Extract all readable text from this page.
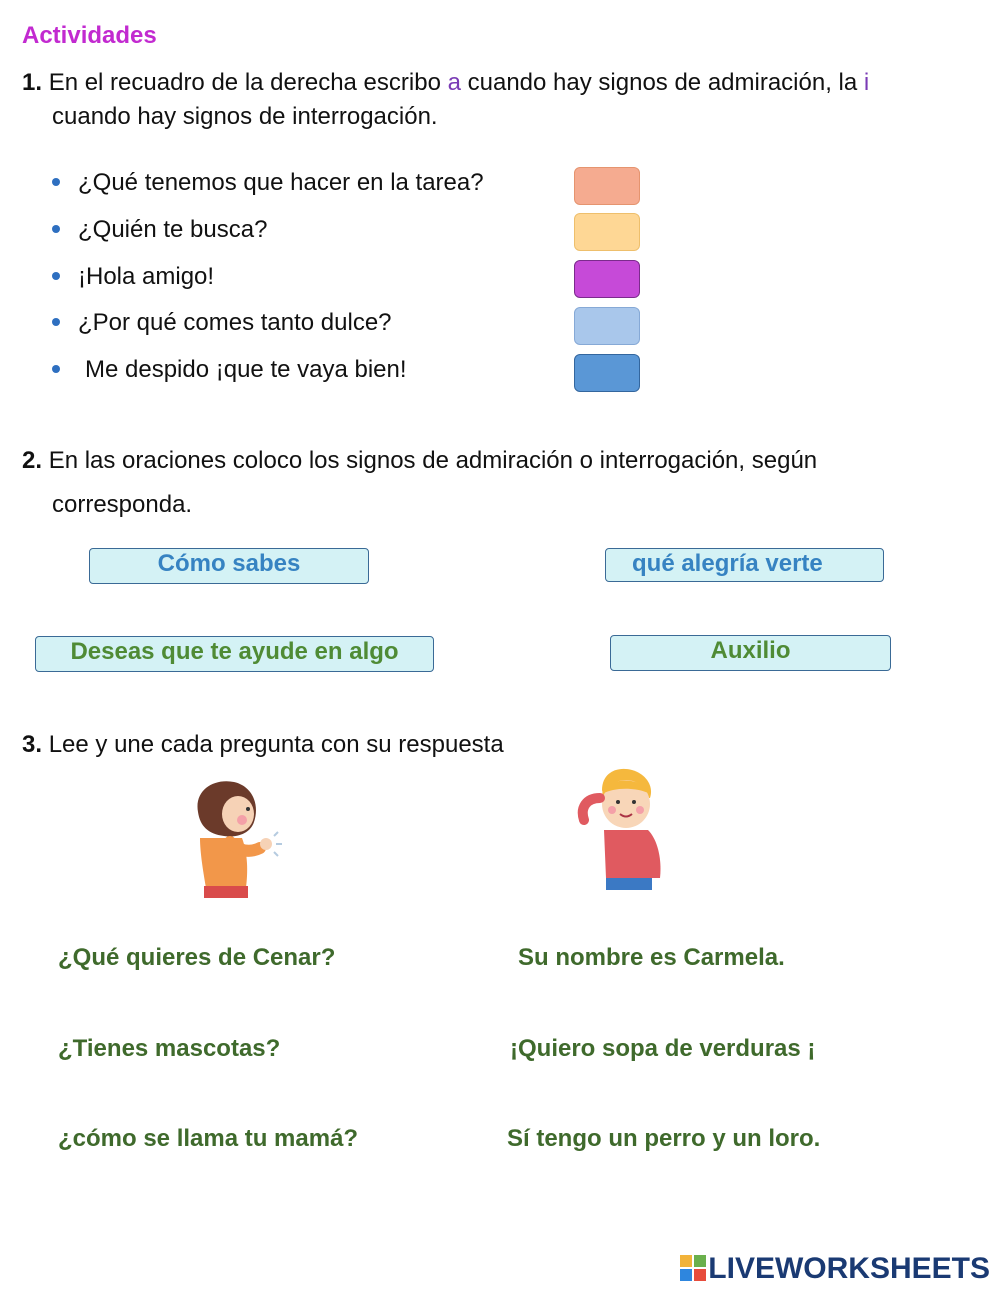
Actividades
1. En el recuadro de la derecha escribo a cuando hay signos de admiración, la i
cuando hay signos de interrogación.
¿Qué tenemos que hacer en la tarea?
¿Quién te busca?
¡Hola amigo!
¿Por qué comes tanto dulce?
Me despido ¡que te vaya bien!
2. En las oraciones coloco los signos de admiración o interrogación, según
corresponda.
Cómo sabes	qué alegría verte
Deseas que te ayude en algo	Auxilio
3. Lee y une cada pregunta con su respuesta
¿Qué quieres de Cenar?
¿Tienes mascotas?
¿cómo se llama tu mamá?
Su nombre es Carmela.
¡Quiero sopa de verduras ¡
Sí tengo un perro y un loro.
LIVEWORKSHEETS
